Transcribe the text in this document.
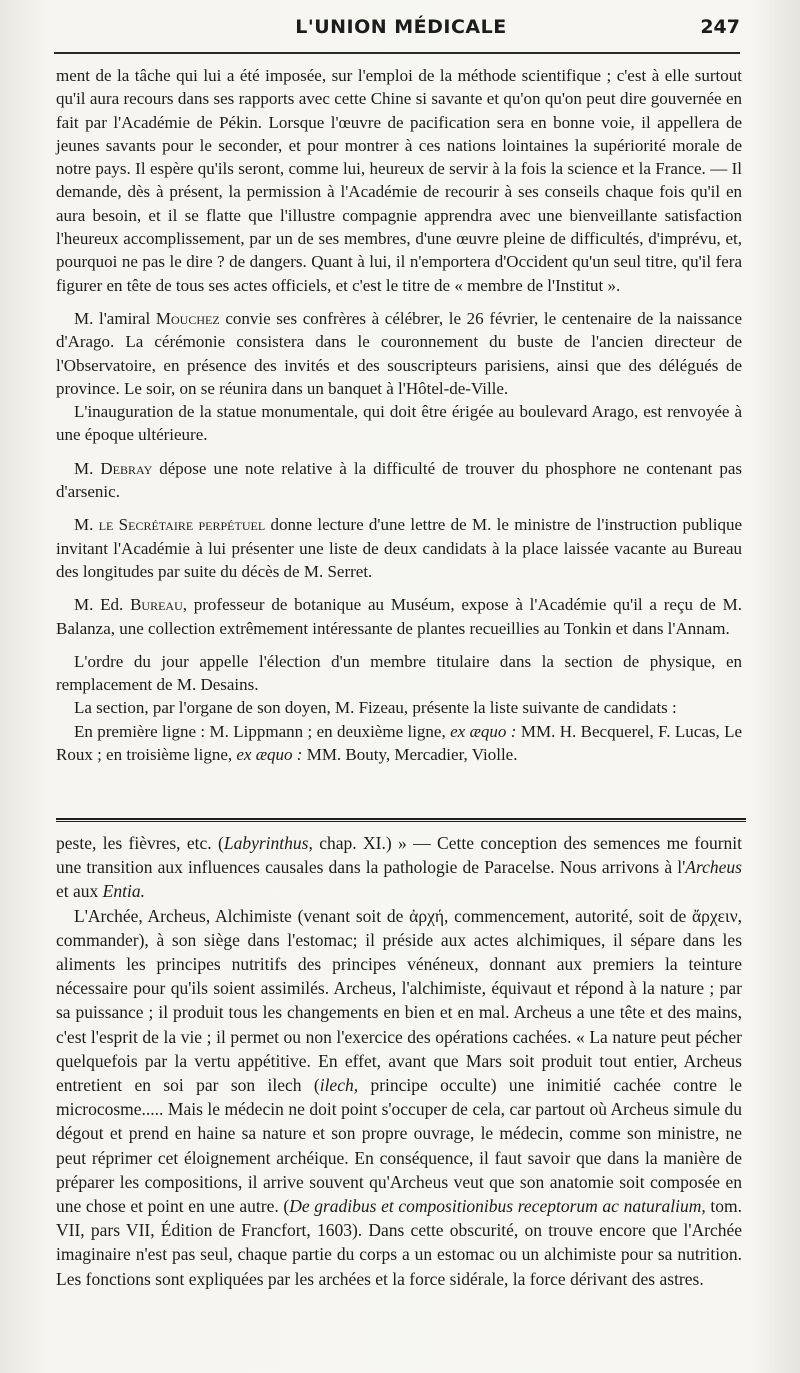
L'UNION MÉDICALE	247

ment de la tâche qui lui a été imposée, sur l'emploi de la méthode scientifique ; c'est à elle surtout qu'il aura recours dans ses rapports avec cette Chine si savante et qu'on qu'on peut dire gouvernée en fait par l'Académie de Pékin. Lorsque l'œuvre de pacification sera en bonne voie, il appellera de jeunes savants pour le seconder, et pour montrer à ces nations lointaines la supériorité morale de notre pays. Il espère qu'ils seront, comme lui, heureux de servir à la fois la science et la France. — Il demande, dès à présent, la permission à l'Académie de recourir à ses conseils chaque fois qu'il en aura besoin, et il se flatte que l'illustre compagnie apprendra avec une bienveillante satisfaction l'heureux accomplissement, par un de ses membres, d'une œuvre pleine de difficultés, d'imprévu, et, pourquoi ne pas le dire ? de dangers. Quant à lui, il n'emportera d'Occident qu'un seul titre, qu'il fera figurer en tête de tous ses actes officiels, et c'est le titre de « membre de l'Institut ».

M. l'amiral Mouchez convie ses confrères à célébrer, le 26 février, le centenaire de la naissance d'Arago. La cérémonie consistera dans le couronnement du buste de l'ancien directeur de l'Observatoire, en présence des invités et des souscripteurs parisiens, ainsi que des délégués de province. Le soir, on se réunira dans un banquet à l'Hôtel-de-Ville.

L'inauguration de la statue monumentale, qui doit être érigée au boulevard Arago, est renvoyée à une époque ultérieure.

M. Debray dépose une note relative à la difficulté de trouver du phosphore ne contenant pas d'arsenic.

M. le Secrétaire perpétuel donne lecture d'une lettre de M. le ministre de l'instruction publique invitant l'Académie à lui présenter une liste de deux candidats à la place laissée vacante au Bureau des longitudes par suite du décès de M. Serret.

M. Ed. Bureau, professeur de botanique au Muséum, expose à l'Académie qu'il a reçu de M. Balanza, une collection extrêmement intéressante de plantes recueillies au Tonkin et dans l'Annam.

L'ordre du jour appelle l'élection d'un membre titulaire dans la section de physique, en remplacement de M. Desains.

La section, par l'organe de son doyen, M. Fizeau, présente la liste suivante de candidats :

En première ligne : M. Lippmann ; en deuxième ligne, ex æquo : MM. H. Becquerel, F. Lucas, Le Roux ; en troisième ligne, ex æquo : MM. Bouty, Mercadier, Violle.

peste, les fièvres, etc. (Labyrinthus, chap. XI.) » — Cette conception des semences me fournit une transition aux influences causales dans la pathologie de Paracelse. Nous arrivons à l'Archeus et aux Entia.

L'Archée, Archeus, Alchimiste (venant soit de ἀρχή, commencement, autorité, soit de ἄρχειν, commander), à son siège dans l'estomac; il préside aux actes alchimiques, il sépare dans les aliments les principes nutritifs des principes vénéneux, donnant aux premiers la teinture nécessaire pour qu'ils soient assimilés. Archeus, l'alchimiste, équivaut et répond à la nature ; par sa puissance ; il produit tous les changements en bien et en mal. Archeus a une tête et des mains, c'est l'esprit de la vie ; il permet ou non l'exercice des opérations cachées. « La nature peut pécher quelquefois par la vertu appétitive. En effet, avant que Mars soit produit tout entier, Archeus entretient en soi par son ilech (ilech, principe occulte) une inimitié cachée contre le microcosme..... Mais le médecin ne doit point s'occuper de cela, car partout où Archeus simule du dégout et prend en haine sa nature et son propre ouvrage, le médecin, comme son ministre, ne peut réprimer cet éloignement archéique. En conséquence, il faut savoir que dans la manière de préparer les compositions, il arrive souvent qu'Archeus veut que son anatomie soit composée en une chose et point en une autre. (De gradibus et compositionibus receptorum ac naturalium, tom. VII, pars VII, Édition de Francfort, 1603). Dans cette obscurité, on trouve encore que l'Archée imaginaire n'est pas seul, chaque partie du corps a un estomac ou un alchimiste pour sa nutrition. Les fonctions sont expliquées par les archées et la force sidérale, la force dérivant des astres.
